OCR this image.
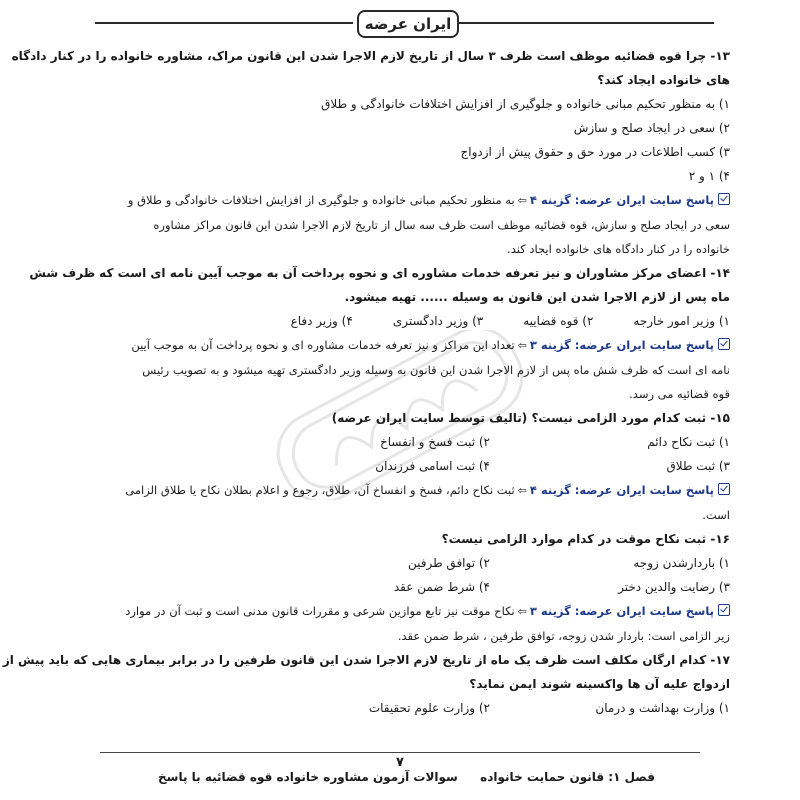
ایران عرضه
۱۳- چرا قوه قضائیه موظف است ظرف ۳ سال از تاریخ لازم الاجرا شدن این قانون مراک، مشاوره خانواده را در کنار دادگاه
های خانواده ایجاد کند؟
۱) به منظور تحکیم مبانی خانواده و جلوگیری از افزایش اختلافات خانوادگی و طلاق
۲) سعی در ایجاد صلح و سازش
۳) کسب اطلاعات در مورد حق و حقوق پیش از ازدواج
۴) ۱ و ۲
پاسخ سایت ایران عرضه: گزینه ۴⇦به منظور تحکیم مبانی خانواده و جلوگیری از افزایش اختلافات خانوادگی و طلاق و
سعی در ایجاد صلح و سازش، قوه قضائیه موظف است ظرف سه سال از تاریخ لازم الاجرا شدن این قانون مراکز مشاوره
خانواده را در کنار دادگاه های خانواده ایجاد کند.
۱۴- اعضای مرکز مشاوران و نیز تعرفه خدمات مشاوره ای و نحوه پرداخت آن به موجب آیین نامه ای است که ظرف شش
ماه پس از لازم الاجرا شدن این قانون به وسیله ...... تهیه میشود.
۱) وزیر امور خارجه
۲) قوه قضاییه
۳) وزیر دادگستری
۴) وزیر دفاع
پاسخ سایت ایران عرضه: گزینه ۳⇦تعداد این مراکز و نیز تعرفه خدمات مشاوره ای و نحوه پرداخت آن به موجب آیین
نامه ای است که ظرف شش ماه پس از لازم الاجرا شدن این قانون به وسیله وزیر دادگستری تهیه میشود و به تصویب رئیس
قوه قضائیه می رسد.
۱۵- ثبت کدام مورد الزامی نیست؟ (تالیف توسط سایت ایران عرضه)
۱) ثبت نکاح دائم
۲) ثبت فسخ و انفساخ
۳) ثبت طلاق
۴) ثبت اسامی فرزندان
پاسخ سایت ایران عرضه: گزینه ۴⇦ثبت نکاح دائم، فسخ و انفساخ آن، طلاق، رجوع و اعلام بطلان نکاح یا طلاق الزامی
است.
۱۶- ثبت نکاح موقت در کدام موارد الزامی نیست؟
۱) باردارشدن زوجه
۲) توافق طرفین
۳) رضایت والدین دختر
۴) شرط ضمن عقد
پاسخ سایت ایران عرضه: گزینه ۳⇦نکاح موقت نیز تابع موازین شرعی و مقررات قانون مدنی است و ثبت آن در موارد
زیر الزامی است: باردار شدن زوجه، توافق طرفین ، شرط ضمن عقد.
۱۷- کدام ارگان مکلف است ظرف یک ماه از تاریخ لازم الاجرا شدن این قانون طرفین را در برابر بیماری هایی که باید پیش از
ازدواج علیه آن ها واکسینه شوند ایمن نماید؟
۱) وزارت بهداشت و درمان
۲) وزارت علوم تحقیقات
۷
فصل ۱: قانون حمایت خانواده
سوالات آزمون مشاوره خانواده قوه قضائیه با پاسخ
